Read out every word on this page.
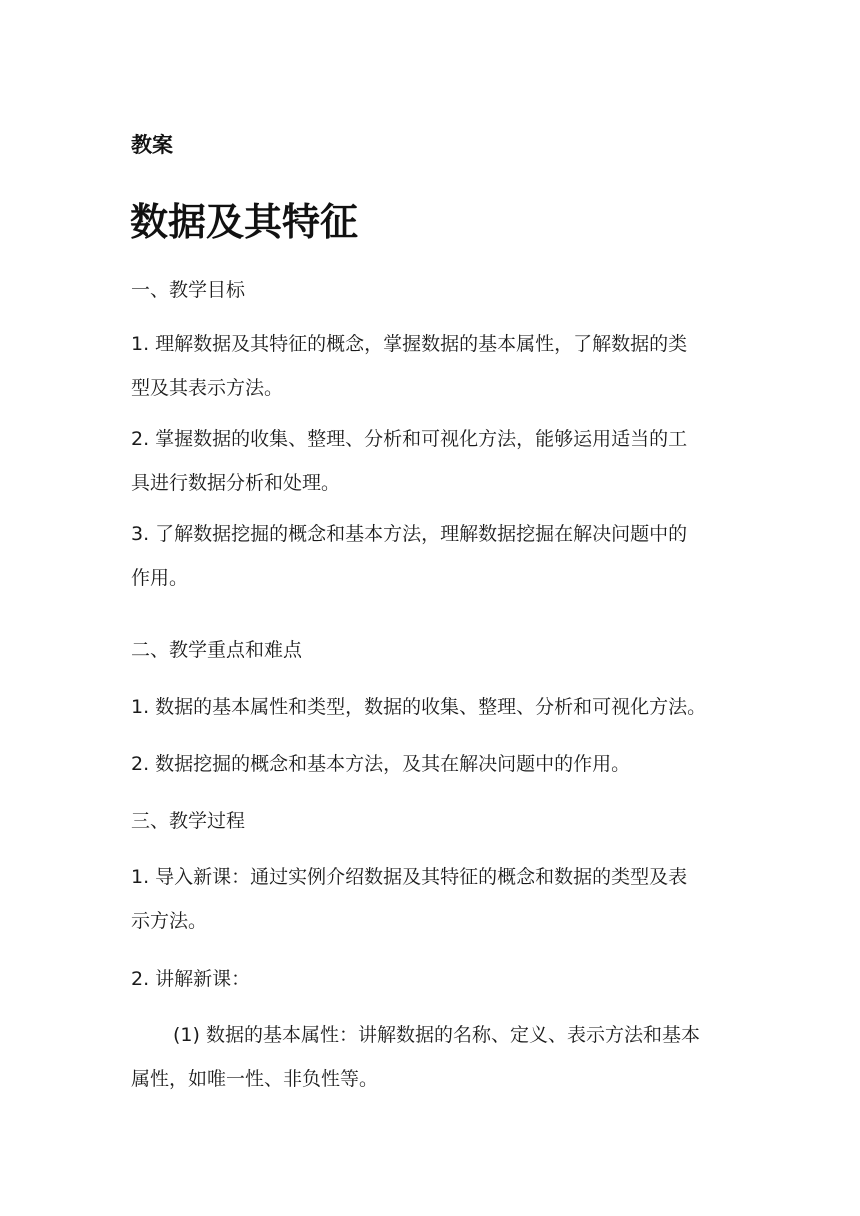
教案
数据及其特征
一、教学目标
1. 理解数据及其特征的概念，掌握数据的基本属性，了解数据的类
型及其表示方法。
2. 掌握数据的收集、整理、分析和可视化方法，能够运用适当的工
具进行数据分析和处理。
3. 了解数据挖掘的概念和基本方法，理解数据挖掘在解决问题中的
作用。
二、教学重点和难点
1. 数据的基本属性和类型，数据的收集、整理、分析和可视化方法。
2. 数据挖掘的概念和基本方法，及其在解决问题中的作用。
三、教学过程
1. 导入新课：通过实例介绍数据及其特征的概念和数据的类型及表
示方法。
2. 讲解新课：
(1) 数据的基本属性：讲解数据的名称、定义、表示方法和基本
属性，如唯一性、非负性等。
